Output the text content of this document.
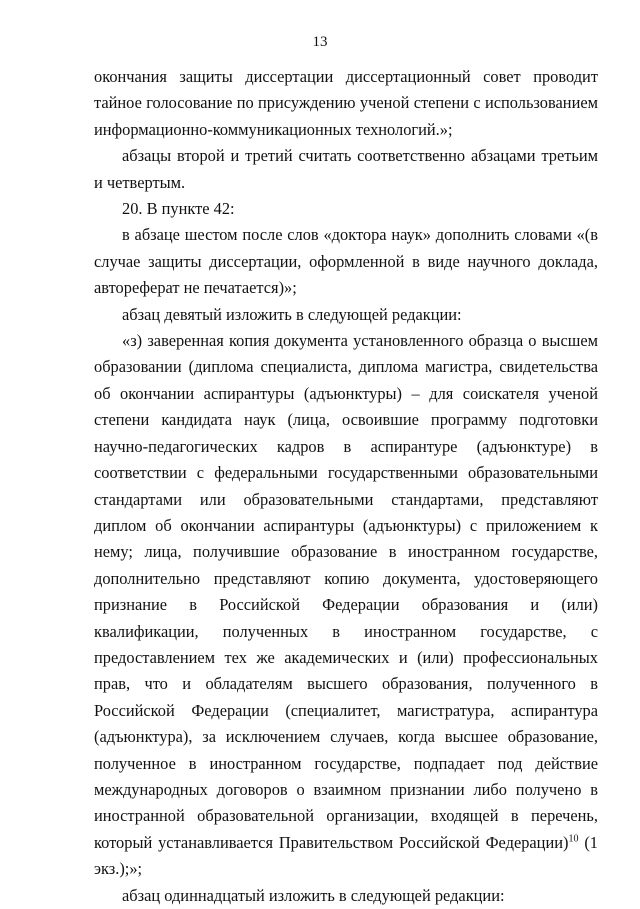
13

окончания защиты диссертации диссертационный совет проводит тайное голосование по присуждению ученой степени с использованием информационно-коммуникационных технологий.»;

абзацы второй и третий считать соответственно абзацами третьим и четвертым.

20. В пункте 42:

в абзаце шестом после слов «доктора наук» дополнить словами «(в случае защиты диссертации, оформленной в виде научного доклада, автореферат не печатается)»;

абзац девятый изложить в следующей редакции:

«з) заверенная копия документа установленного образца о высшем образовании (диплома специалиста, диплома магистра, свидетельства об окончании аспирантуры (адъюнктуры) – для соискателя ученой степени кандидата наук (лица, освоившие программу подготовки научно-педагогических кадров в аспирантуре (адъюнктуре) в соответствии с федеральными государственными образовательными стандартами или образовательными стандартами, представляют диплом об окончании аспирантуры (адъюнктуры) с приложением к нему; лица, получившие образование в иностранном государстве, дополнительно представляют копию документа, удостоверяющего признание в Российской Федерации образования и (или) квалификации, полученных в иностранном государстве, с предоставлением тех же академических и (или) профессиональных прав, что и обладателям высшего образования, полученного в Российской Федерации (специалитет, магистратура, аспирантура (адъюнктура), за исключением случаев, когда высшее образование, полученное в иностранном государстве, подпадает под действие международных договоров о взаимном признании либо получено в иностранной образовательной организации, входящей в перечень, который устанавливается Правительством Российской Федерации)$^{10}$ (1 экз.);»;

абзац одиннадцатый изложить в следующей редакции:
